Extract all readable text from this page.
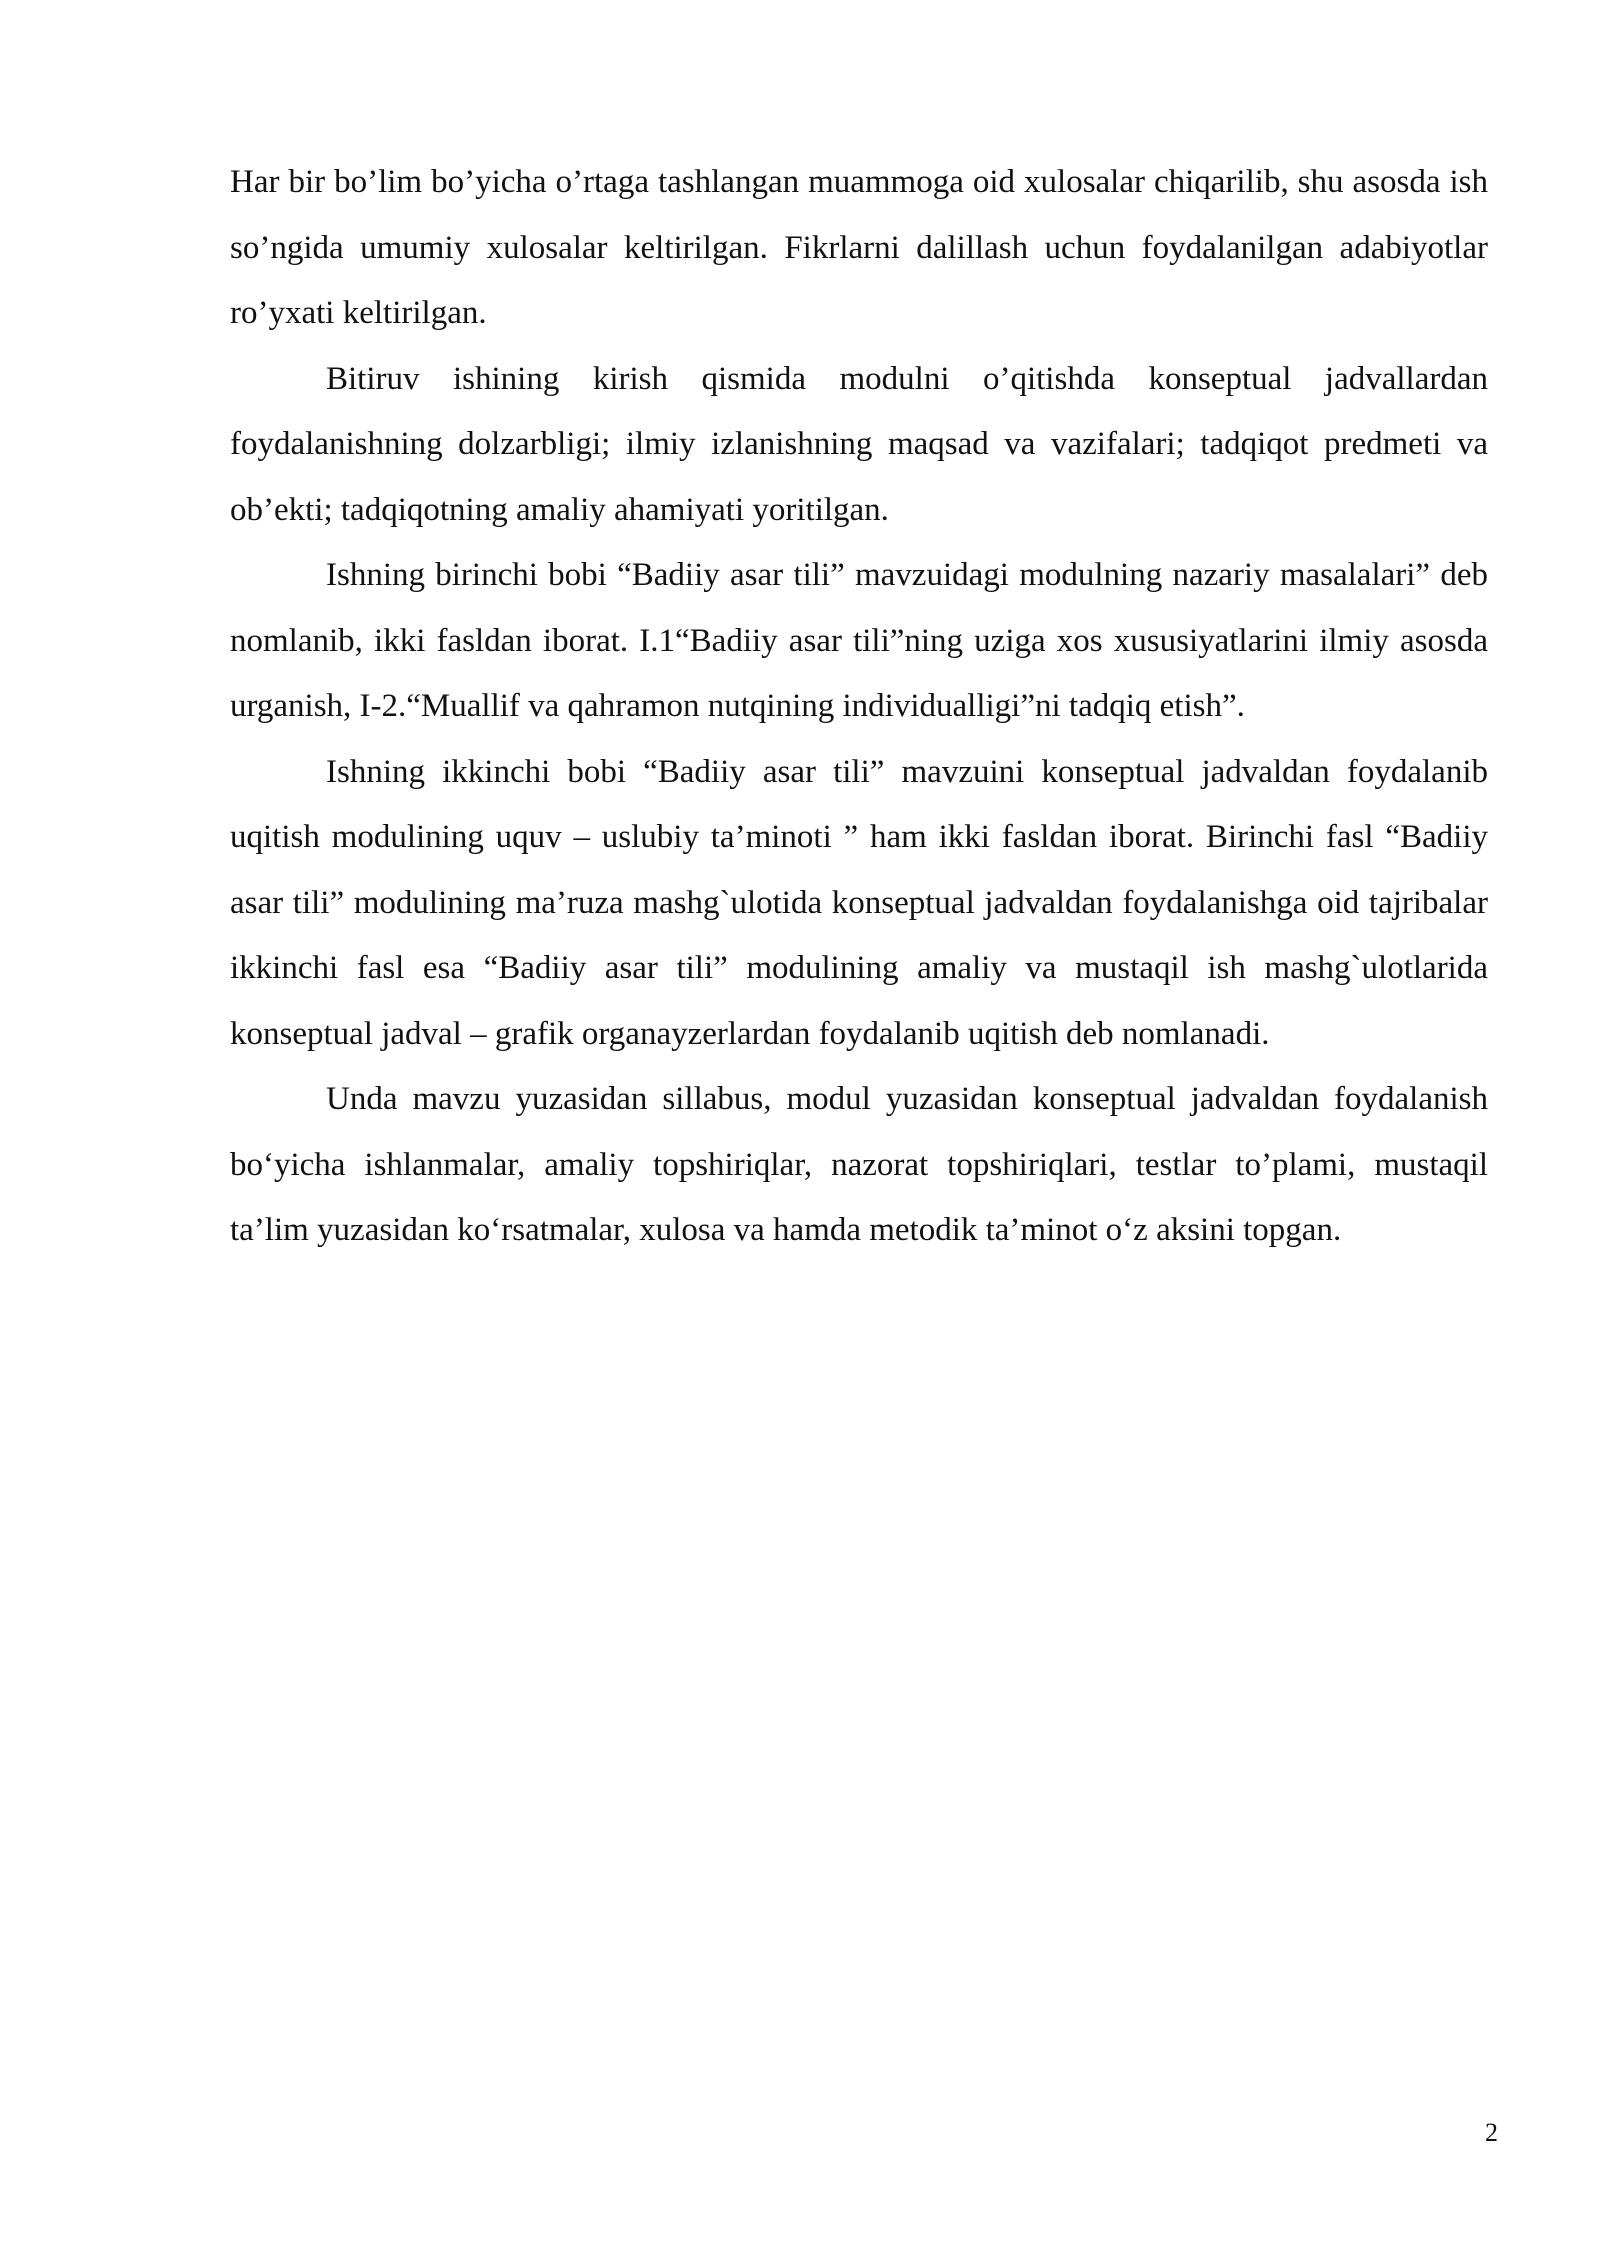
Har bir bo’lim bo’yicha o’rtaga tashlangan muammoga oid xulosalar chiqarilib, shu asosda ish so’ngida umumiy xulosalar keltirilgan. Fikrlarni dalillash uchun foydalanilgan adabiyotlar ro’yxati keltirilgan.

Bitiruv ishining kirish qismida modulni o’qitishda konseptual jadvallardan foydalanishning dolzarbligi; ilmiy izlanishning maqsad va vazifalari; tadqiqot predmeti va ob’ekti; tadqiqotning amaliy ahamiyati yoritilgan.

Ishning birinchi bobi “Badiiy asar tili” mavzuidagi modulning nazariy masalalari” deb nomlanib, ikki fasldan iborat. I.1“Badiiy asar tili”ning uziga xos xususiyatlarini ilmiy asosda urganish, I-2.“Muallif va qahramon nutqining individualligi”ni tadqiq etish”.

Ishning ikkinchi bobi “Badiiy asar tili” mavzuini konseptual jadvaldan foydalanib uqitish modulining uquv – uslubiy ta’minoti ” ham ikki fasldan iborat. Birinchi fasl “Badiiy asar tili” modulining ma’ruza mashg`ulotida konseptual jadvaldan foydalanishga oid tajribalar ikkinchi fasl esa “Badiiy asar tili” modulining amaliy va mustaqil ish mashg`ulotlarida konseptual jadval – grafik organayzerlardan foydalanib uqitish deb nomlanadi.

Unda mavzu yuzasidan sillabus, modul yuzasidan konseptual jadvaldan foydalanish bo‘yicha ishlanmalar, amaliy topshiriqlar, nazorat topshiriqlari, testlar to’plami, mustaqil ta’lim yuzasidan ko‘rsatmalar, xulosa va hamda metodik ta’minot o‘z aksini topgan.

2
